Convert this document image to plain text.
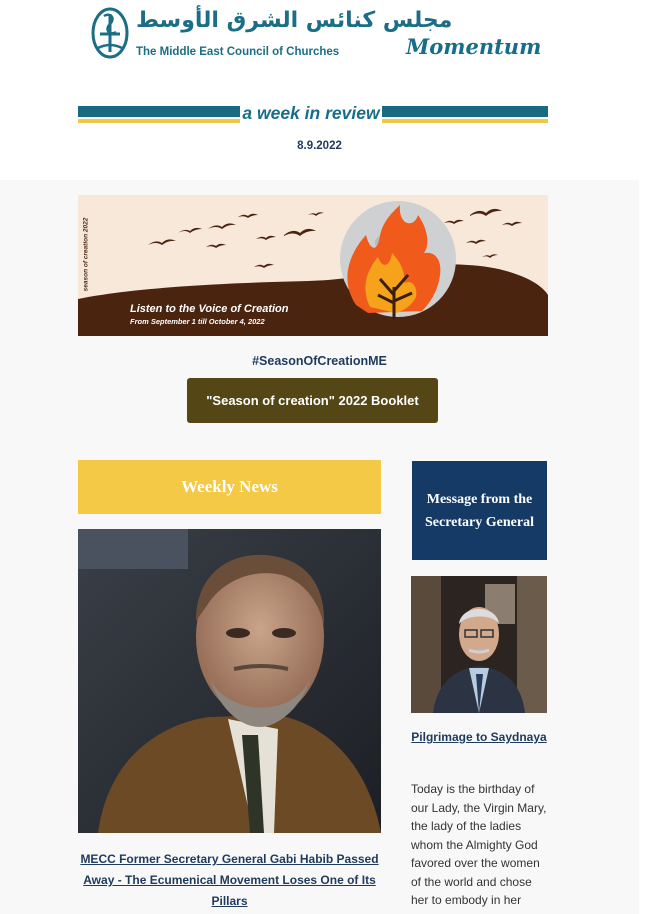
مجلس كنائس الشرق الأوسط
The Middle East Council of Churches	Momentum
a week in review
8.9.2022
season of creation 2022
Listen to the Voice of Creation
From September 1 till October 4, 2022
#SeasonOfCreationME
"Season of creation" 2022 Booklet
Weekly News
MECC Former Secretary General Gabi Habib Passed Away - The Ecumenical Movement Loses One of Its Pillars
Message from the Secretary General
Pilgrimage to Saydnaya
Today is the birthday of our Lady, the Virgin Mary, the lady of the ladies whom the Almighty God favored over the women of the world and chose her to embody in her
